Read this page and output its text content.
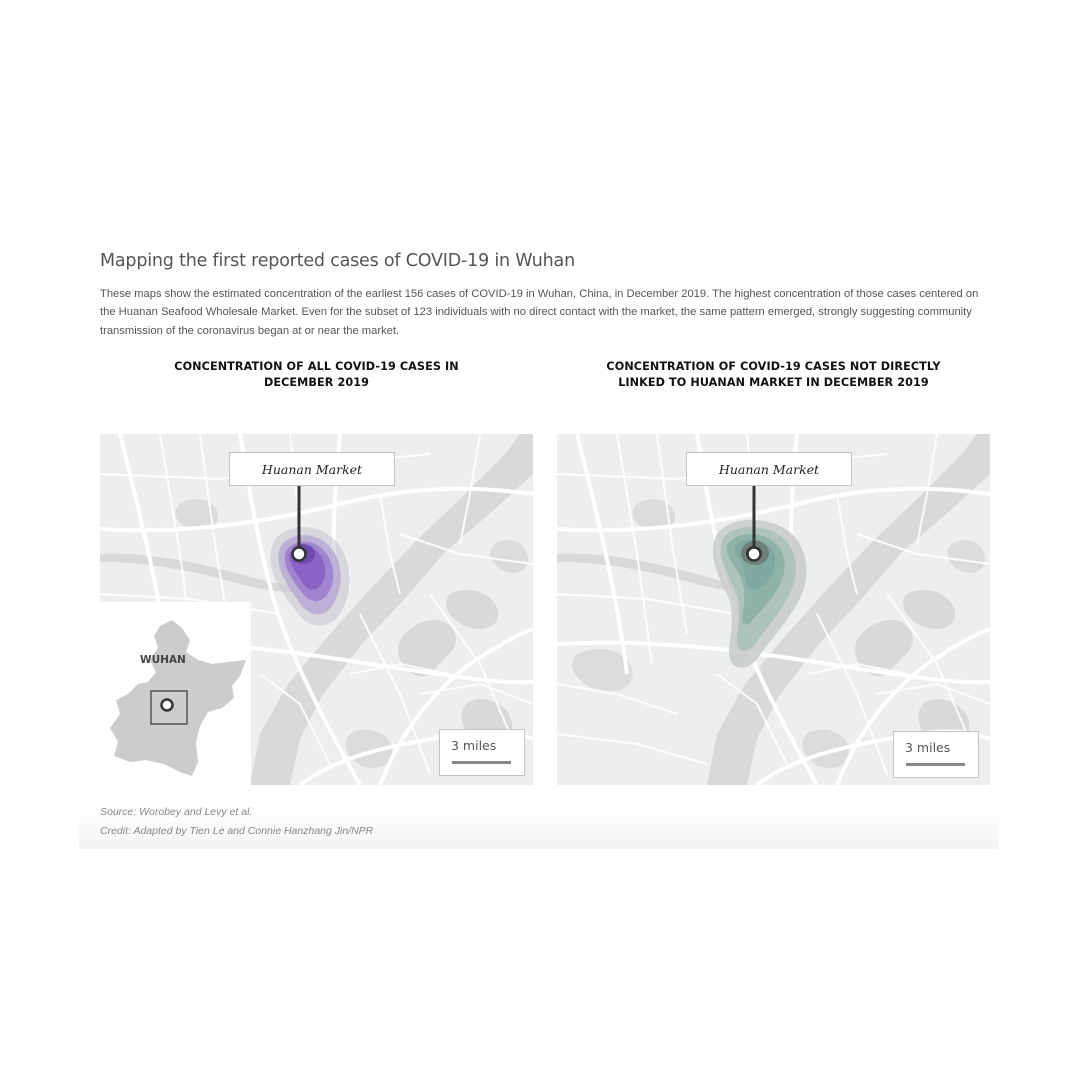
Mapping the first reported cases of COVID-19 in Wuhan
These maps show the estimated concentration of the earliest 156 cases of COVID-19 in Wuhan, China, in December 2019. The highest concentration of those cases centered on the Huanan Seafood Wholesale Market. Even for the subset of 123 individuals with no direct contact with the market, the same pattern emerged, strongly suggesting community transmission of the coronavirus began at or near the market.
CONCENTRATION OF ALL COVID-19 CASES IN DECEMBER 2019
CONCENTRATION OF COVID-19 CASES NOT DIRECTLY LINKED TO HUANAN MARKET IN DECEMBER 2019
Huanan Market
3 miles
WUHAN
Huanan Market
3 miles
Source: Worobey and Levy et al.
Credit: Adapted by Tien Le and Connie Hanzhang Jin/NPR
